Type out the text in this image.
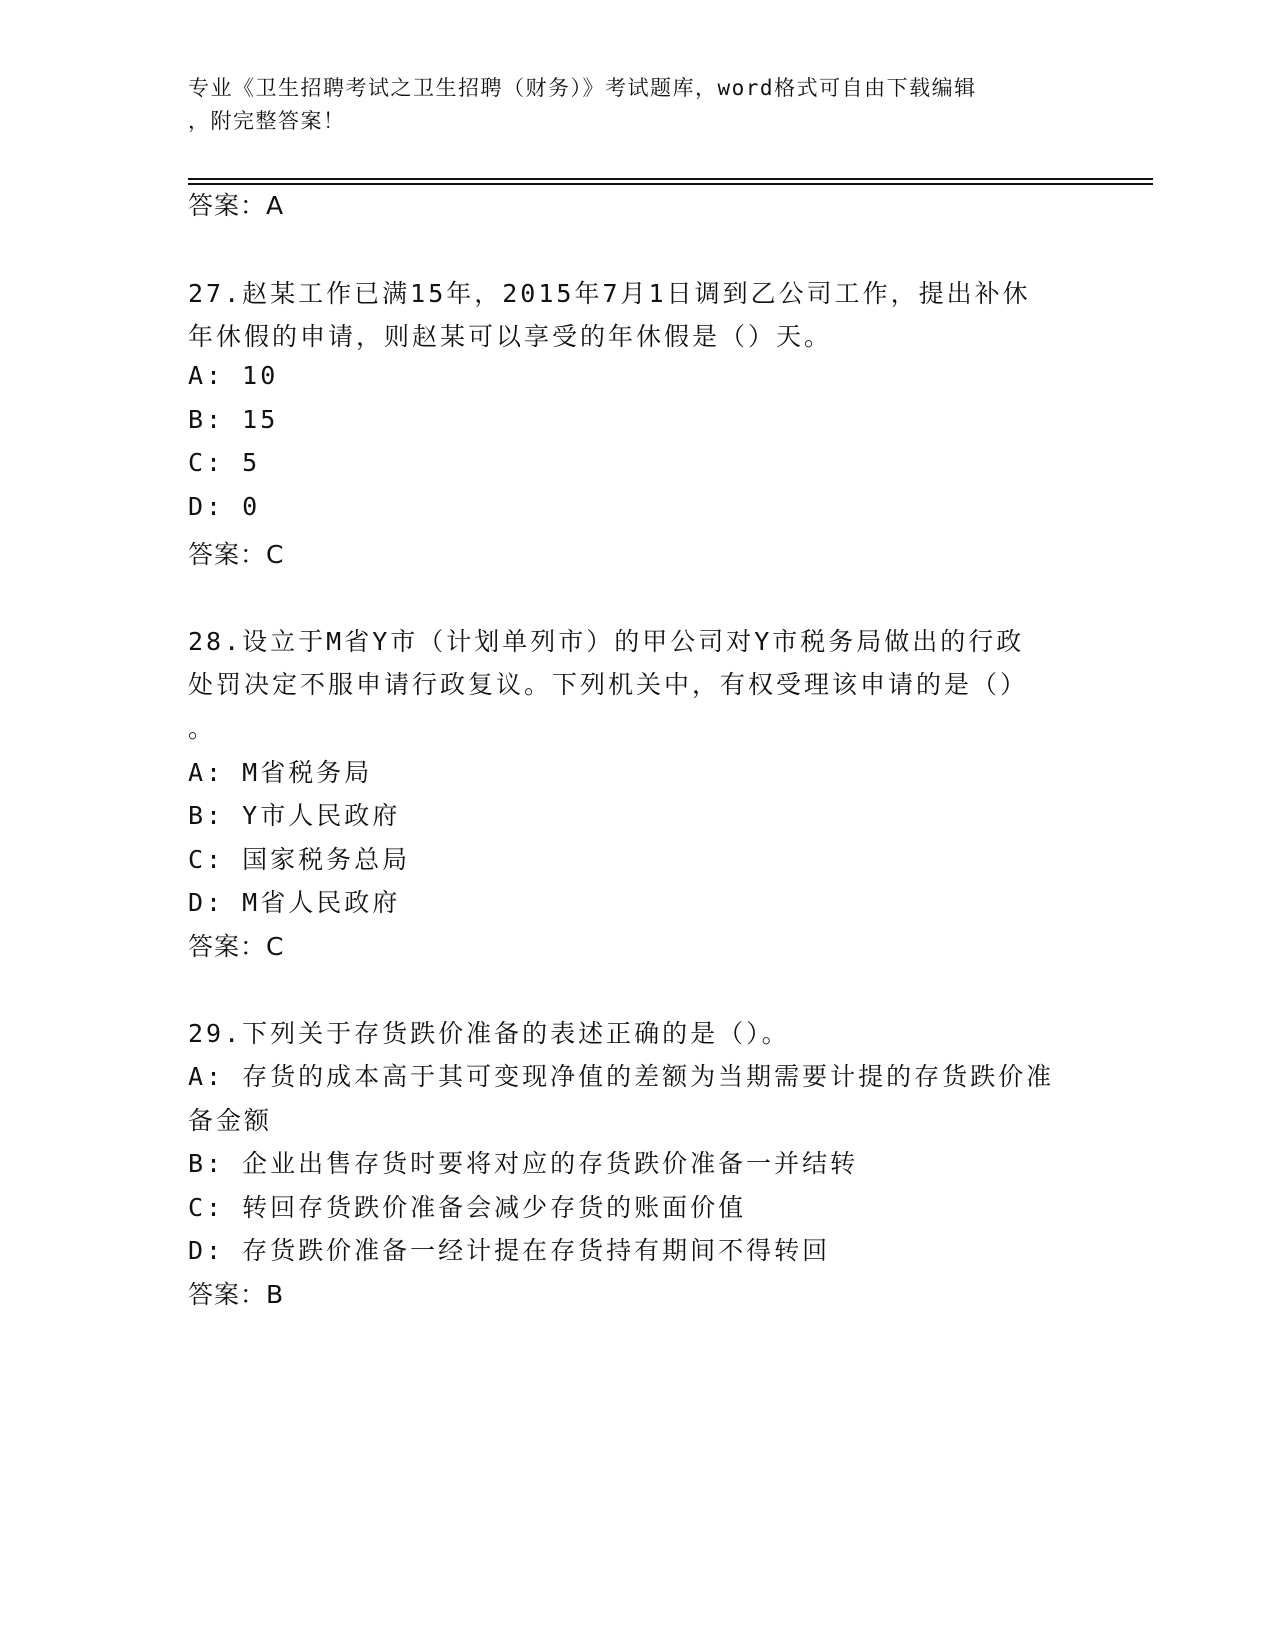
专业《卫生招聘考试之卫生招聘（财务）》考试题库，word格式可自由下载编辑
，附完整答案！
答案：A
27.赵某工作已满15年，2015年7月1日调到乙公司工作，提出补休
年休假的申请，则赵某可以享受的年休假是（）天。
A: 10
B: 15
C: 5
D: 0
答案：C
28.设立于M省Y市（计划单列市）的甲公司对Y市税务局做出的行政
处罚决定不服申请行政复议。下列机关中，有权受理该申请的是（）
。
A: M省税务局
B: Y市人民政府
C: 国家税务总局
D: M省人民政府
答案：C
29.下列关于存货跌价准备的表述正确的是（）。
A: 存货的成本高于其可变现净值的差额为当期需要计提的存货跌价准
备金额
B: 企业出售存货时要将对应的存货跌价准备一并结转
C: 转回存货跌价准备会减少存货的账面价值
D: 存货跌价准备一经计提在存货持有期间不得转回
答案：B
